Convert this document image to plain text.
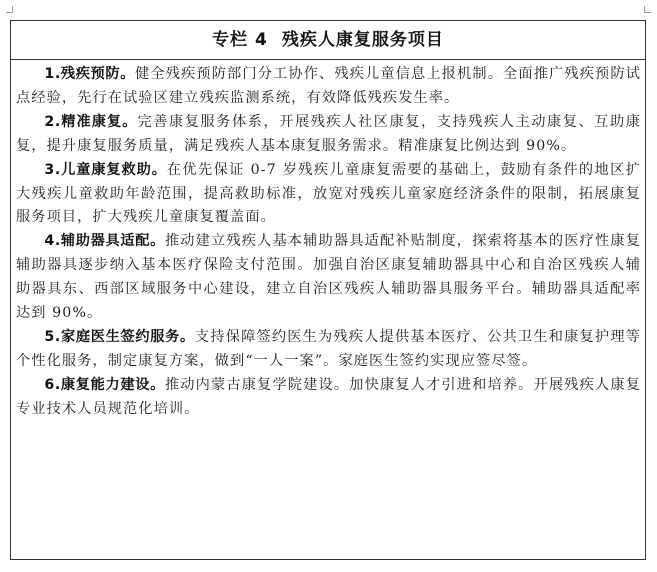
专栏 4 残疾人康复服务项目

1.残疾预防。健全残疾预防部门分工协作、残疾儿童信息上报机制。全面推广残疾预防试点经验，先行在试验区建立残疾监测系统，有效降低残疾发生率。

2.精准康复。完善康复服务体系，开展残疾人社区康复，支持残疾人主动康复、互助康复，提升康复服务质量，满足残疾人基本康复服务需求。精准康复比例达到 90%。

3.儿童康复救助。在优先保证 0-7 岁残疾儿童康复需要的基础上，鼓励有条件的地区扩大残疾儿童救助年龄范围，提高救助标准，放宽对残疾儿童家庭经济条件的限制，拓展康复服务项目，扩大残疾儿童康复覆盖面。

4.辅助器具适配。推动建立残疾人基本辅助器具适配补贴制度，探索将基本的医疗性康复辅助器具逐步纳入基本医疗保险支付范围。加强自治区康复辅助器具中心和自治区残疾人辅助器具东、西部区域服务中心建设，建立自治区残疾人辅助器具服务平台。辅助器具适配率达到 90%。

5.家庭医生签约服务。支持保障签约医生为残疾人提供基本医疗、公共卫生和康复护理等个性化服务，制定康复方案，做到“一人一案”。家庭医生签约实现应签尽签。

6.康复能力建设。推动内蒙古康复学院建设。加快康复人才引进和培养。开展残疾人康复专业技术人员规范化培训。
